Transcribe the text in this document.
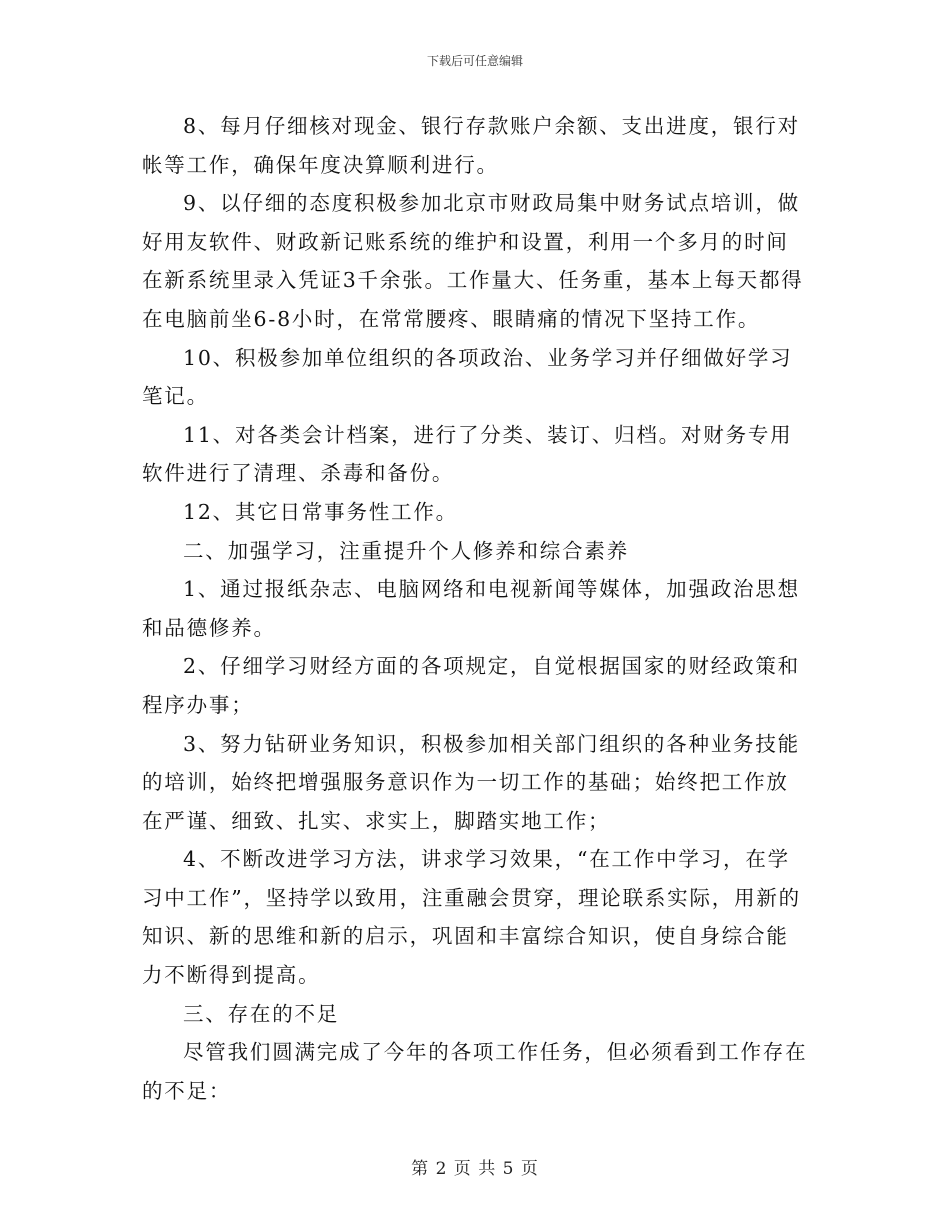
下载后可任意编辑

8、每月仔细核对现金、银行存款账户余额、支出进度，银行对帐等工作，确保年度决算顺利进行。

9、以仔细的态度积极参加北京市财政局集中财务试点培训，做好用友软件、财政新记账系统的维护和设置，利用一个多月的时间在新系统里录入凭证3千余张。工作量大、任务重，基本上每天都得在电脑前坐6-8小时，在常常腰疼、眼睛痛的情况下坚持工作。

10、积极参加单位组织的各项政治、业务学习并仔细做好学习笔记。

11、对各类会计档案，进行了分类、装订、归档。对财务专用软件进行了清理、杀毒和备份。

12、其它日常事务性工作。

二、加强学习，注重提升个人修养和综合素养

1、通过报纸杂志、电脑网络和电视新闻等媒体，加强政治思想和品德修养。

2、仔细学习财经方面的各项规定，自觉根据国家的财经政策和程序办事；

3、努力钻研业务知识，积极参加相关部门组织的各种业务技能的培训，始终把增强服务意识作为一切工作的基础；始终把工作放在严谨、细致、扎实、求实上，脚踏实地工作；

4、不断改进学习方法，讲求学习效果，“在工作中学习，在学习中工作”，坚持学以致用，注重融会贯穿，理论联系实际，用新的知识、新的思维和新的启示，巩固和丰富综合知识，使自身综合能力不断得到提高。

三、存在的不足

尽管我们圆满完成了今年的各项工作任务，但必须看到工作存在的不足：

第 2 页 共 5 页
